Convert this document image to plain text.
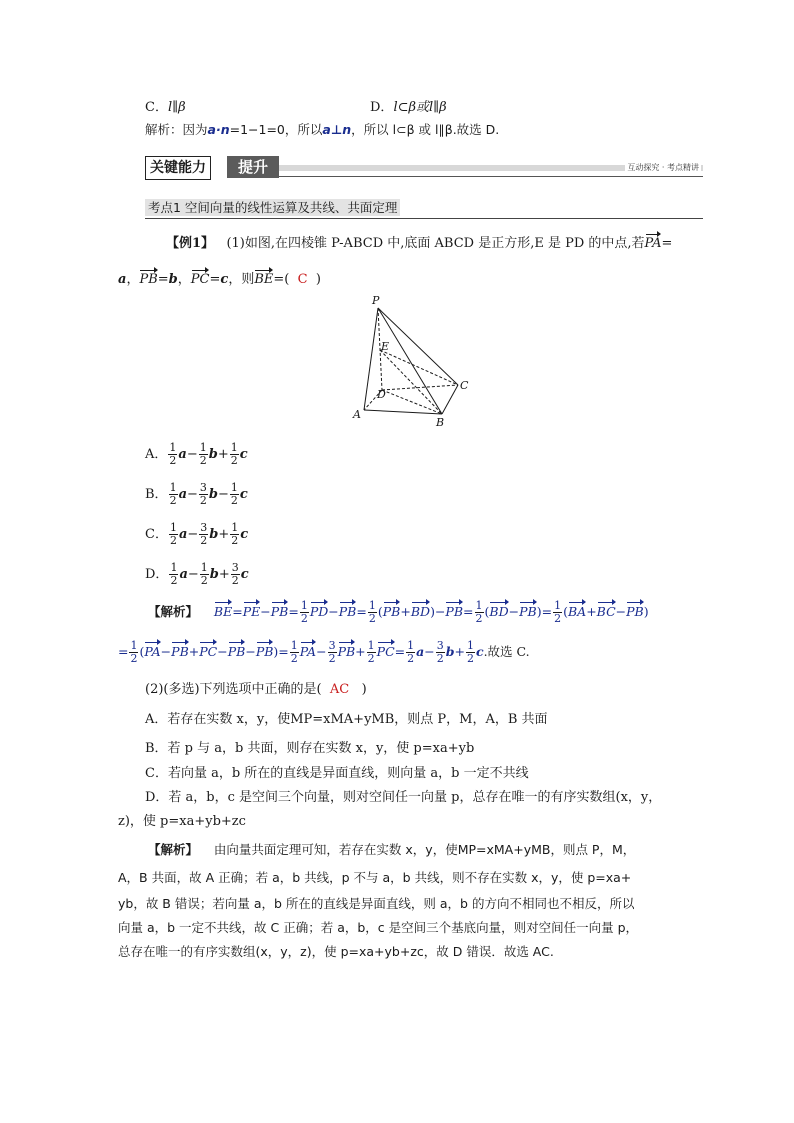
C．l∥β	D．l⊂β或l∥β
解析：因为a·n=1−1=0，所以a⊥n，所以 l⊂β 或 l∥β.故选 D.
关键能力	提升	互动探究 · 考点精讲
考点1 空间向量的线性运算及共线、共面定理
【例1】 (1)如图,在四棱锥 P-ABCD 中,底面 ABCD 是正方形,E 是 PD 的中点,若PA=
a，PB=b，PC=c，则BE=( C )
P
E
D
C
A
B
A． $\frac{1}{2} a- \frac{1}{2} b+ \frac{1}{2}$ c
B． $\frac{1}{2} a- \frac{3}{2} b- \frac{1}{2}$ c
C． $\frac{1}{2} a- \frac{3}{2} b+ \frac{1}{2}$ c
D． $\frac{1}{2} a- \frac{1}{2} b+ \frac{3}{2}$ c
【解析】 $BE=PE-PB= \frac{1}{2} PD-PB= \frac{1}{2} (PB+BD)-PB= \frac{1}{2} (BD-PB)= \frac{1}{2} (BA+BC-PB)$
= $\frac{1}{2} (PA-PB+PC-PB-PB)= \frac{1}{2} PA- \frac{3}{2} PB+ \frac{1}{2} PC= \frac{1}{2} a- \frac{3}{2} b+ \frac{1}{2} c$.故选 C.
(2)(多选)下列选项中正确的是( AC )
A．若存在实数 x，y，使MP=xMA+yMB，则点 P，M，A，B 共面
B．若 p 与 a，b 共面，则存在实数 x，y，使 p=xa+yb
C．若向量 a，b 所在的直线是异面直线，则向量 a，b 一定不共线
D．若 a，b，c 是空间三个向量，则对空间任一向量 p，总存在唯一的有序实数组(x，y，
z)，使 p=xa+yb+zc
【解析】 由向量共面定理可知，若存在实数 x，y，使MP=xMA+yMB，则点 P，M，
A，B 共面，故 A 正确；若 a，b 共线，p 不与 a，b 共线，则不存在实数 x，y，使 p=xa+
yb，故 B 错误；若向量 a，b 所在的直线是异面直线，则 a，b 的方向不相同也不相反，所以
向量 a，b 一定不共线，故 C 正确；若 a，b，c 是空间三个基底向量，则对空间任一向量 p，
总存在唯一的有序实数组(x，y，z)，使 p=xa+yb+zc，故 D 错误．故选 AC.
